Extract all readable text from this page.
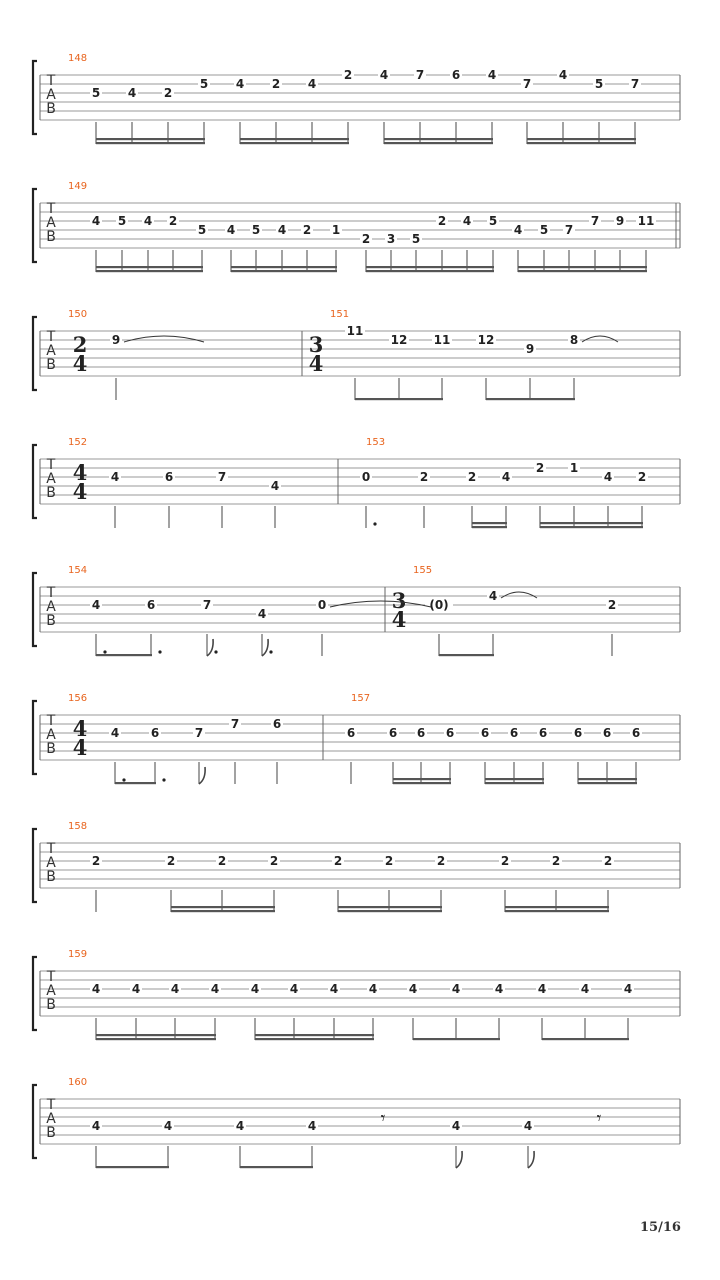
T
A
B
148
5 4 2
5 4 2 4
2 4 7 6 4
7
4
5 7
T
A
B
149
4 5 4 2
5 4 5 4 2 1
2 3 5
2 4 5
4 5 7
7 9 11
T
A
B
150
2
4
9
151
3
4
11
12 11 12
9
8
T
A
B
152
4
4
4	6	7
4
153
0	2	2 4
2 1
4 2
T
A
B
154
4	6	7
4
0
155
3
4
(0)
4
2
T
A
B
156
4
4
4	6	7
7	6
157
6	6 6 6 6 6 6 6 6 6
T
A
B
158
2	2	2	2	2	2	2	2	2	2
T
A
B
159
4	4	4	4	4	4	4	4	4	4	4	4	4	4
T
A
B
160
4	4	4	4	4	4
𝄾	𝄾
15/16
